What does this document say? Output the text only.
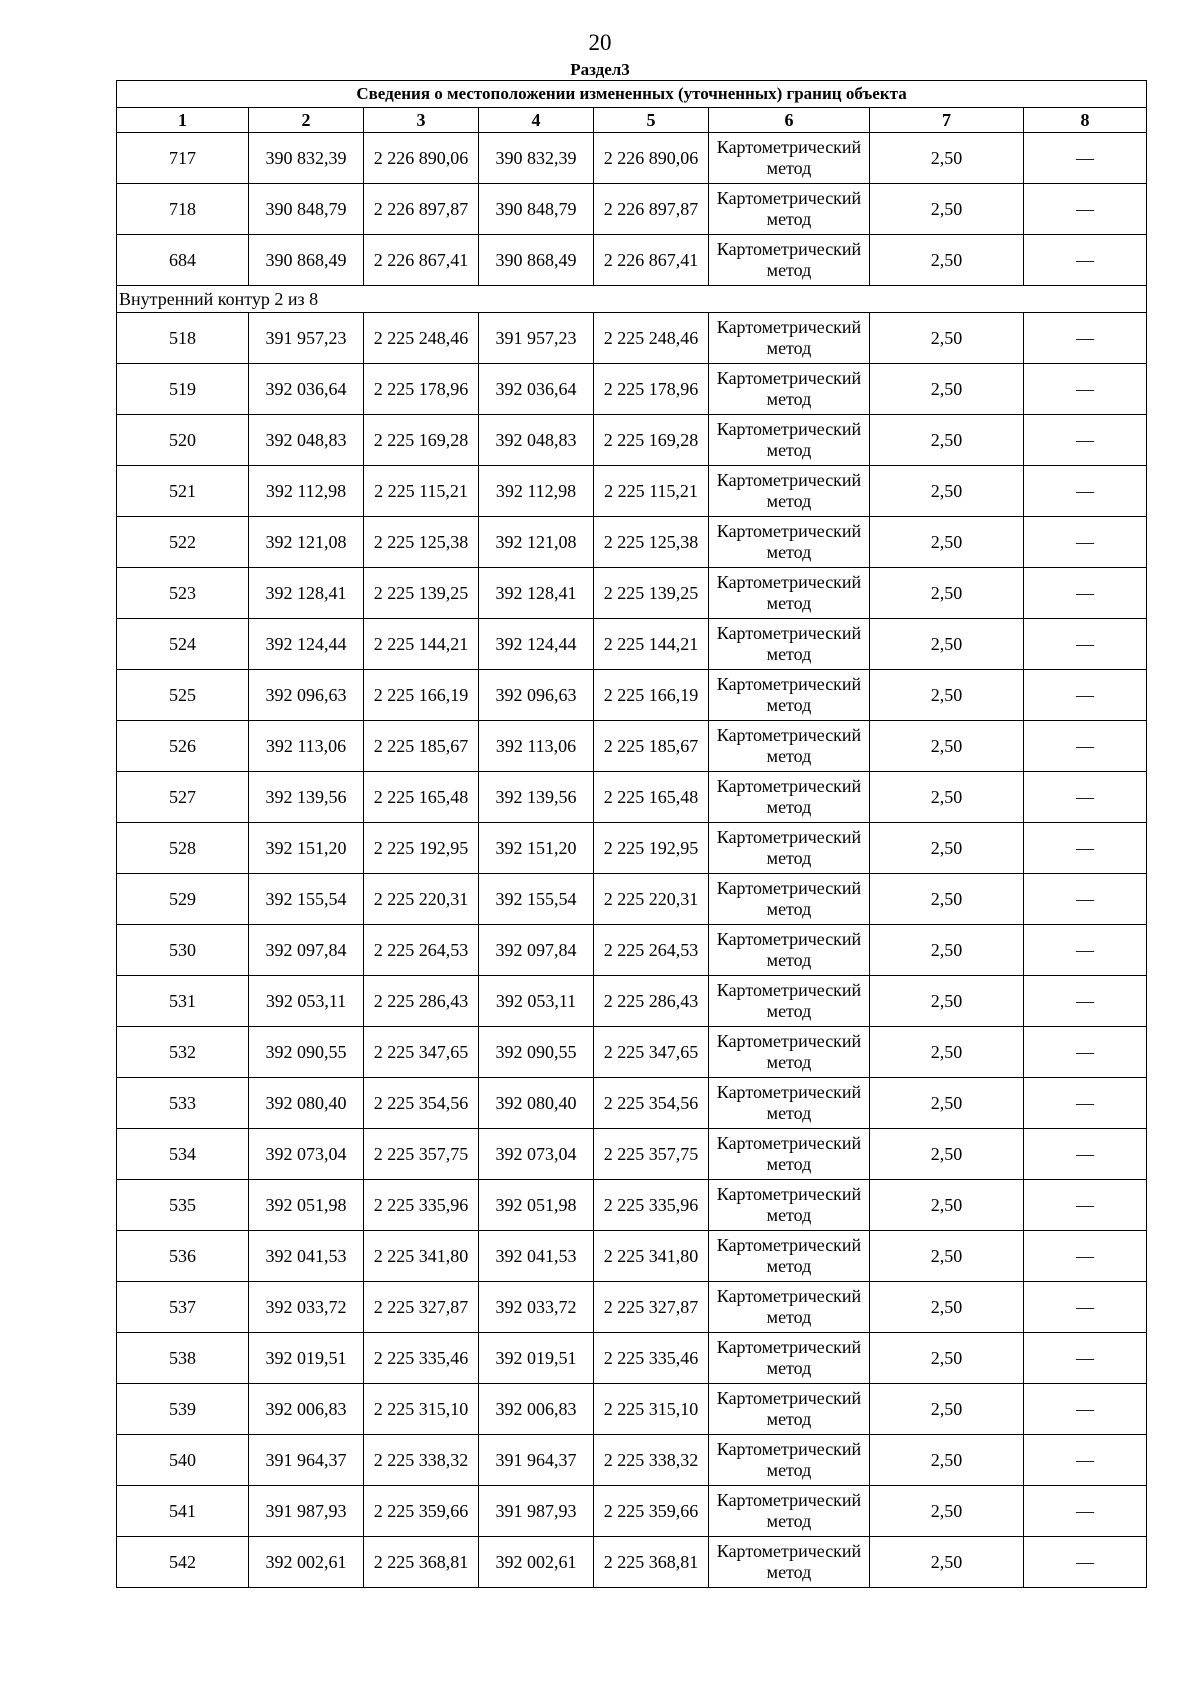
20
Раздел3
Сведения о местоположении измененных (уточненных) границ объекта							
1	2	3	4	5	6	7	8
717	390 832,39	2 226 890,06	390 832,39	2 226 890,06	Картометрический метод	2,50	—
718	390 848,79	2 226 897,87	390 848,79	2 226 897,87	Картометрический метод	2,50	—
684	390 868,49	2 226 867,41	390 868,49	2 226 867,41	Картометрический метод	2,50	—
Внутренний контур 2 из 8							
518	391 957,23	2 225 248,46	391 957,23	2 225 248,46	Картометрический метод	2,50	—
519	392 036,64	2 225 178,96	392 036,64	2 225 178,96	Картометрический метод	2,50	—
520	392 048,83	2 225 169,28	392 048,83	2 225 169,28	Картометрический метод	2,50	—
521	392 112,98	2 225 115,21	392 112,98	2 225 115,21	Картометрический метод	2,50	—
522	392 121,08	2 225 125,38	392 121,08	2 225 125,38	Картометрический метод	2,50	—
523	392 128,41	2 225 139,25	392 128,41	2 225 139,25	Картометрический метод	2,50	—
524	392 124,44	2 225 144,21	392 124,44	2 225 144,21	Картометрический метод	2,50	—
525	392 096,63	2 225 166,19	392 096,63	2 225 166,19	Картометрический метод	2,50	—
526	392 113,06	2 225 185,67	392 113,06	2 225 185,67	Картометрический метод	2,50	—
527	392 139,56	2 225 165,48	392 139,56	2 225 165,48	Картометрический метод	2,50	—
528	392 151,20	2 225 192,95	392 151,20	2 225 192,95	Картометрический метод	2,50	—
529	392 155,54	2 225 220,31	392 155,54	2 225 220,31	Картометрический метод	2,50	—
530	392 097,84	2 225 264,53	392 097,84	2 225 264,53	Картометрический метод	2,50	—
531	392 053,11	2 225 286,43	392 053,11	2 225 286,43	Картометрический метод	2,50	—
532	392 090,55	2 225 347,65	392 090,55	2 225 347,65	Картометрический метод	2,50	—
533	392 080,40	2 225 354,56	392 080,40	2 225 354,56	Картометрический метод	2,50	—
534	392 073,04	2 225 357,75	392 073,04	2 225 357,75	Картометрический метод	2,50	—
535	392 051,98	2 225 335,96	392 051,98	2 225 335,96	Картометрический метод	2,50	—
536	392 041,53	2 225 341,80	392 041,53	2 225 341,80	Картометрический метод	2,50	—
537	392 033,72	2 225 327,87	392 033,72	2 225 327,87	Картометрический метод	2,50	—
538	392 019,51	2 225 335,46	392 019,51	2 225 335,46	Картометрический метод	2,50	—
539	392 006,83	2 225 315,10	392 006,83	2 225 315,10	Картометрический метод	2,50	—
540	391 964,37	2 225 338,32	391 964,37	2 225 338,32	Картометрический метод	2,50	—
541	391 987,93	2 225 359,66	391 987,93	2 225 359,66	Картометрический метод	2,50	—
542	392 002,61	2 225 368,81	392 002,61	2 225 368,81	Картометрический метод	2,50	—
